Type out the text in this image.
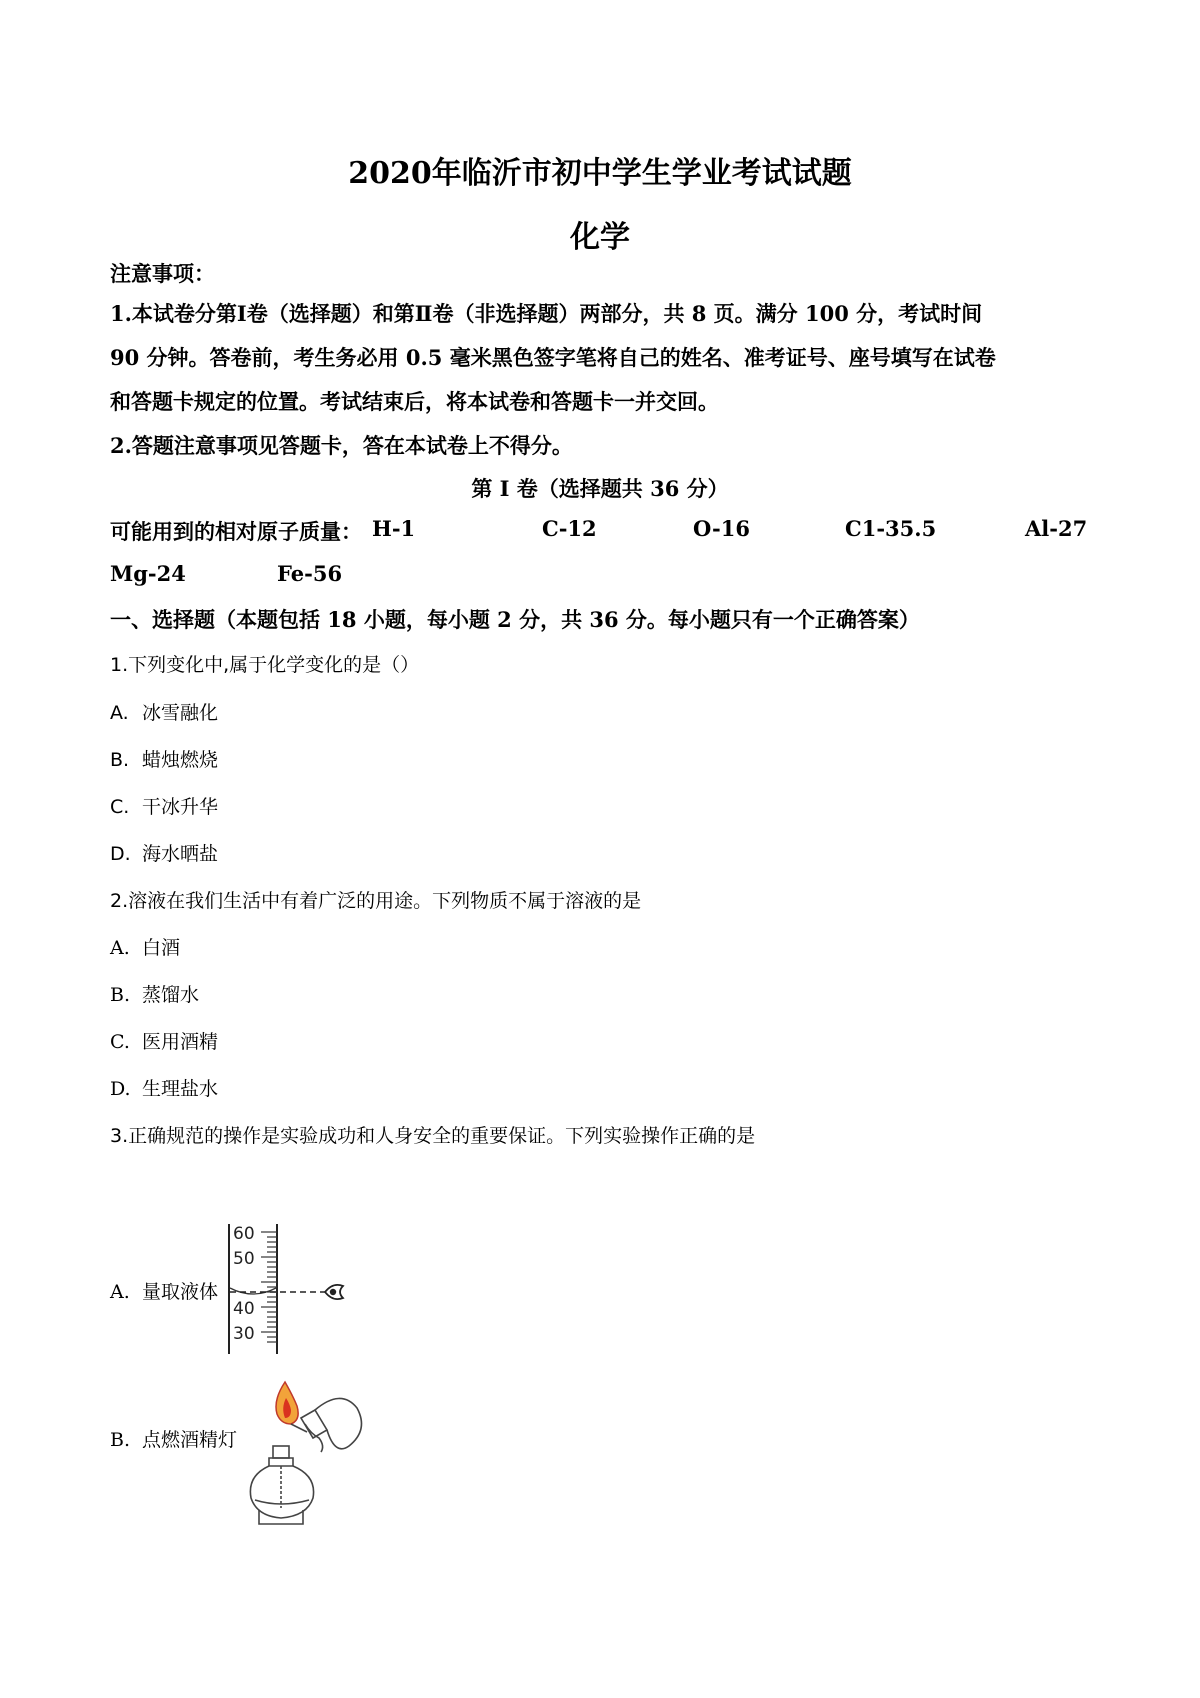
2020年临沂市初中学生学业考试试题
化学
注意事项：
1.本试卷分第Ⅰ卷（选择题）和第Ⅱ卷（非选择题）两部分，共 8 页。满分 100 分，考试时间
90 分钟。答卷前，考生务必用 0.5 毫米黑色签字笔将自己的姓名、准考证号、座号填写在试卷
和答题卡规定的位置。考试结束后，将本试卷和答题卡一并交回。
2.答题注意事项见答题卡，答在本试卷上不得分。
第 I 卷（选择题共 36 分）
可能用到的相对原子质量： H-1	C-12	O-16	C1-35.5	Al-27
Mg-24	Fe-56
一、选择题（本题包括 18 小题，每小题 2 分，共 36 分。每小题只有一个正确答案）
1.下列变化中,属于化学变化的是（）
A. 冰雪融化
B. 蜡烛燃烧
C. 干冰升华
D. 海水晒盐
2.溶液在我们生活中有着广泛的用途。下列物质不属于溶液的是
A. 白酒
B. 蒸馏水
C. 医用酒精
D. 生理盐水
3.正确规范的操作是实验成功和人身安全的重要保证。下列实验操作正确的是
A. 量取液体
60
50
40
30
B. 点燃酒精灯
